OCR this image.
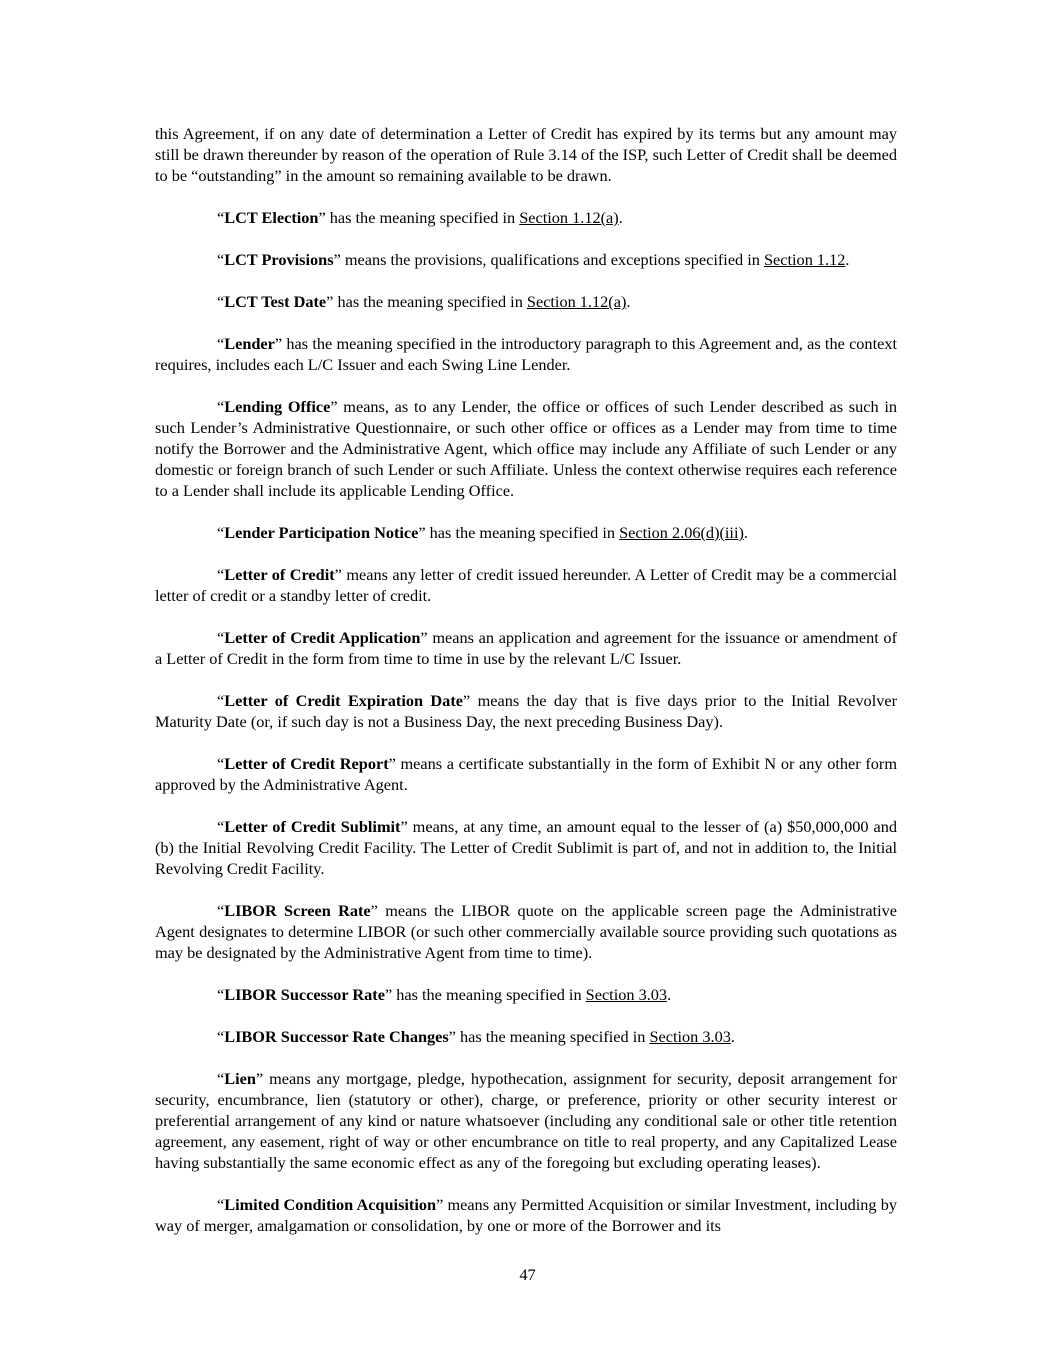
this Agreement, if on any date of determination a Letter of Credit has expired by its terms but any amount may still be drawn thereunder by reason of the operation of Rule 3.14 of the ISP, such Letter of Credit shall be deemed to be “outstanding” in the amount so remaining available to be drawn.

“LCT Election” has the meaning specified in Section 1.12(a).

“LCT Provisions” means the provisions, qualifications and exceptions specified in Section 1.12.

“LCT Test Date” has the meaning specified in Section 1.12(a).

“Lender” has the meaning specified in the introductory paragraph to this Agreement and, as the context requires, includes each L/C Issuer and each Swing Line Lender.

“Lending Office” means, as to any Lender, the office or offices of such Lender described as such in such Lender’s Administrative Questionnaire, or such other office or offices as a Lender may from time to time notify the Borrower and the Administrative Agent, which office may include any Affiliate of such Lender or any domestic or foreign branch of such Lender or such Affiliate. Unless the context otherwise requires each reference to a Lender shall include its applicable Lending Office.

“Lender Participation Notice” has the meaning specified in Section 2.06(d)(iii).

“Letter of Credit” means any letter of credit issued hereunder. A Letter of Credit may be a commercial letter of credit or a standby letter of credit.

“Letter of Credit Application” means an application and agreement for the issuance or amendment of a Letter of Credit in the form from time to time in use by the relevant L/C Issuer.

“Letter of Credit Expiration Date” means the day that is five days prior to the Initial Revolver Maturity Date (or, if such day is not a Business Day, the next preceding Business Day).

“Letter of Credit Report” means a certificate substantially in the form of Exhibit N or any other form approved by the Administrative Agent.

“Letter of Credit Sublimit” means, at any time, an amount equal to the lesser of (a) $50,000,000 and (b) the Initial Revolving Credit Facility. The Letter of Credit Sublimit is part of, and not in addition to, the Initial Revolving Credit Facility.

“LIBOR Screen Rate” means the LIBOR quote on the applicable screen page the Administrative Agent designates to determine LIBOR (or such other commercially available source providing such quotations as may be designated by the Administrative Agent from time to time).

“LIBOR Successor Rate” has the meaning specified in Section 3.03.

“LIBOR Successor Rate Changes” has the meaning specified in Section 3.03.

“Lien” means any mortgage, pledge, hypothecation, assignment for security, deposit arrangement for security, encumbrance, lien (statutory or other), charge, or preference, priority or other security interest or preferential arrangement of any kind or nature whatsoever (including any conditional sale or other title retention agreement, any easement, right of way or other encumbrance on title to real property, and any Capitalized Lease having substantially the same economic effect as any of the foregoing but excluding operating leases).

“Limited Condition Acquisition” means any Permitted Acquisition or similar Investment, including by way of merger, amalgamation or consolidation, by one or more of the Borrower and its

47
